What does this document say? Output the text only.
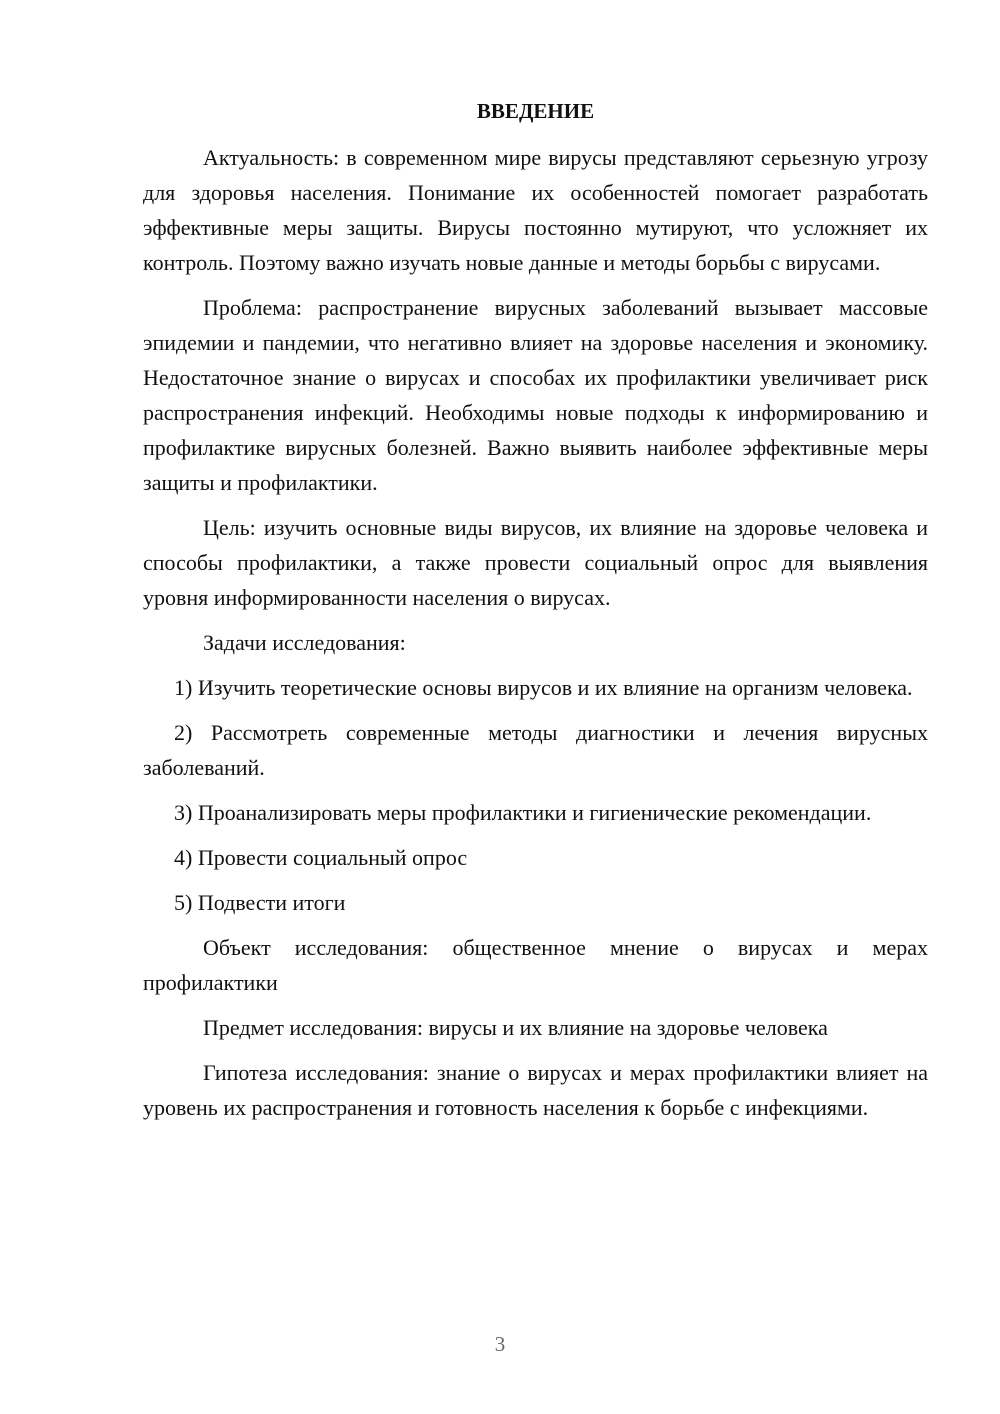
ВВЕДЕНИЕ

Актуальность: в современном мире вирусы представляют серьезную угрозу для здоровья населения. Понимание их особенностей помогает разработать эффективные меры защиты. Вирусы постоянно мутируют, что усложняет их контроль. Поэтому важно изучать новые данные и методы борьбы с вирусами.

Проблема: распространение вирусных заболеваний вызывает массовые эпидемии и пандемии, что негативно влияет на здоровье населения и экономику. Недостаточное знание о вирусах и способах их профилактики увеличивает риск распространения инфекций. Необходимы новые подходы к информированию и профилактике вирусных болезней. Важно выявить наиболее эффективные меры защиты и профилактики.

Цель: изучить основные виды вирусов, их влияние на здоровье человека и способы профилактики, а также провести социальный опрос для выявления уровня информированности населения о вирусах.

Задачи исследования:

1) Изучить теоретические основы вирусов и их влияние на организм человека.

2) Рассмотреть современные методы диагностики и лечения вирусных заболеваний.

3) Проанализировать меры профилактики и гигиенические рекомендации.

4) Провести социальный опрос

5) Подвести итоги

Объект исследования: общественное мнение о вирусах и мерах профилактики

Предмет исследования: вирусы и их влияние на здоровье человека

Гипотеза исследования: знание о вирусах и мерах профилактики влияет на уровень их распространения и готовность населения к борьбе с инфекциями.

3
